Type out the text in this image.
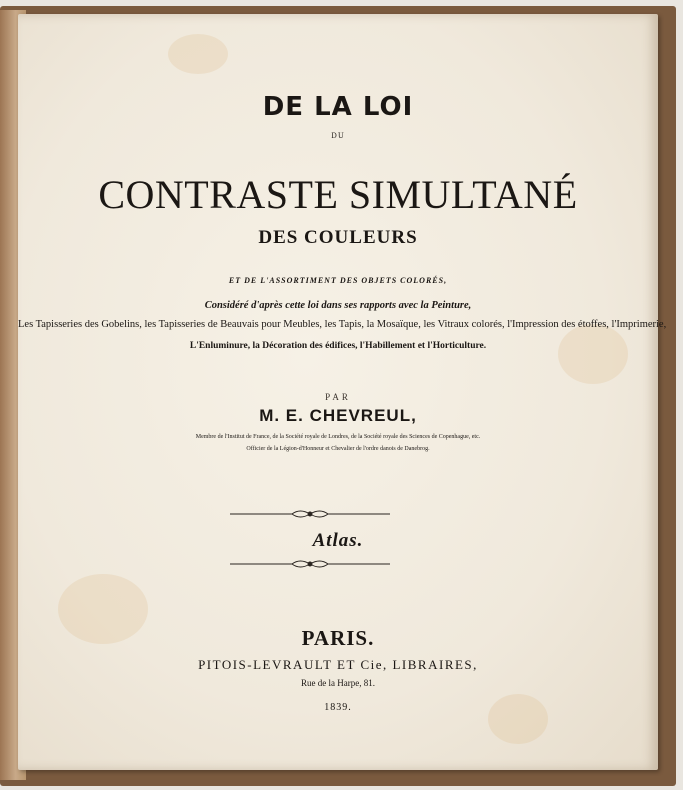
DE LA LOI
DU
CONTRASTE SIMULTANÉ
DES COULEURS
ET DE L'ASSORTIMENT DES OBJETS COLORÉS,
Considéré d'après cette loi dans ses rapports avec la Peinture,
Les Tapisseries des Gobelins, les Tapisseries de Beauvais pour Meubles, les Tapis, la Mosaïque, les Vitraux colorés, l'Impression des étoffes, l'Imprimerie,
L'Enluminure, la Décoration des édifices, l'Habillement et l'Horticulture.
PAR
M. E. CHEVREUL,
Membre de l'Institut de France, de la Société royale de Londres, de la Société royale des Sciences de Copenhague, etc.
Officier de la Légion-d'Honneur et Chevalier de l'ordre danois de Danebrog.
Atlas.
PARIS.
PITOIS-LEVRAULT ET Cie, LIBRAIRES,
Rue de la Harpe, 81.
1839.
